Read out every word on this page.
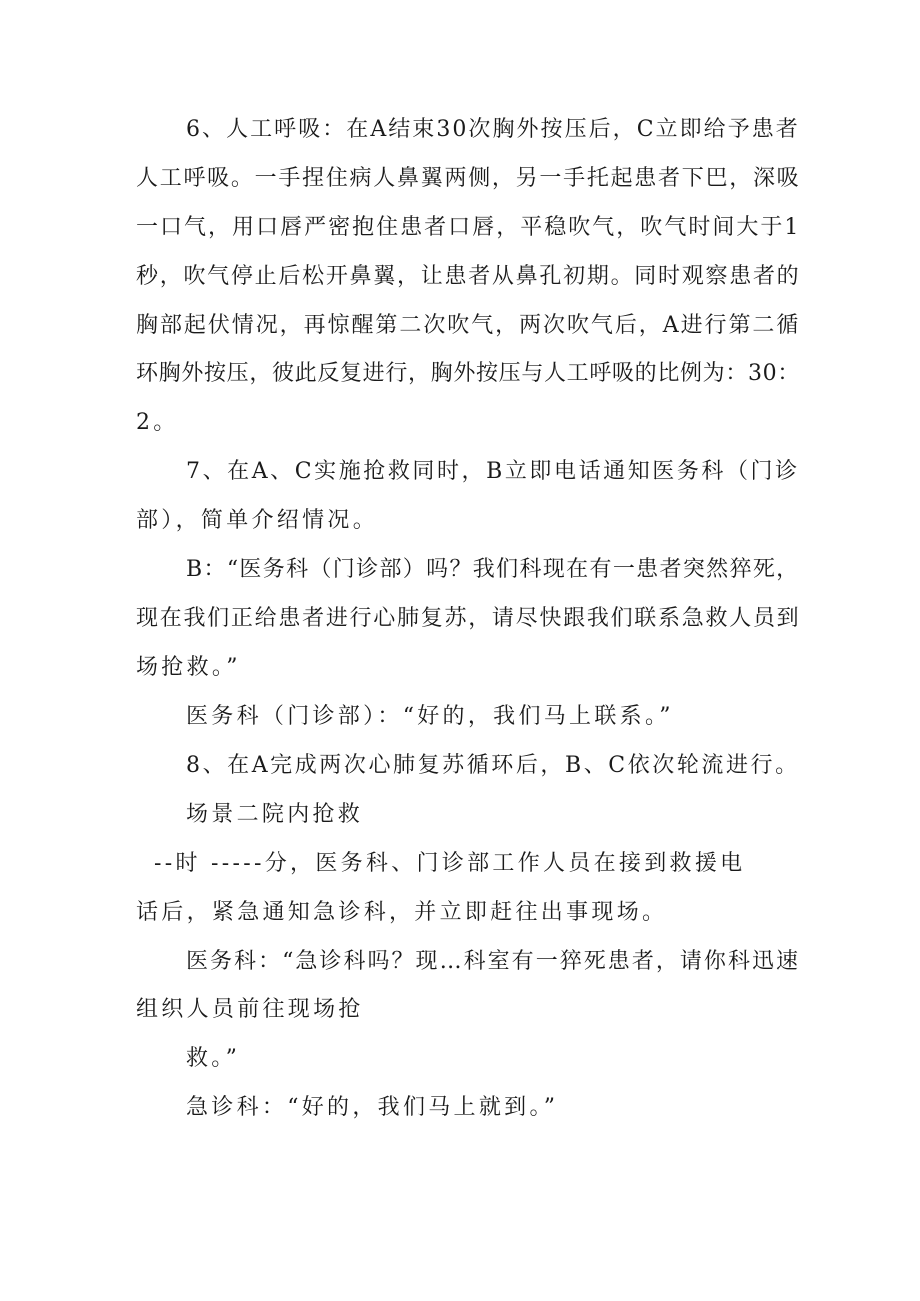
6、人工呼吸：在A结束30次胸外按压后，C立即给予患者
人工呼吸。一手捏住病人鼻翼两侧，另一手托起患者下巴，深吸
一口气，用口唇严密抱住患者口唇，平稳吹气，吹气时间大于1
秒，吹气停止后松开鼻翼，让患者从鼻孔初期。同时观察患者的
胸部起伏情况，再惊醒第二次吹气，两次吹气后，A进行第二循
环胸外按压，彼此反复进行，胸外按压与人工呼吸的比例为：30：
2。
7、在A、C实施抢救同时，B立即电话通知医务科（门诊
部），简单介绍情况。
B：“医务科（门诊部）吗？我们科现在有一患者突然猝死，
现在我们正给患者进行心肺复苏，请尽快跟我们联系急救人员到
场抢救。”
医务科（门诊部）：“好的，我们马上联系。”
8、在A完成两次心肺复苏循环后，B、C依次轮流进行。
场景二院内抢救
--时 -----分，医务科、门诊部工作人员在接到救援电
话后，紧急通知急诊科，并立即赶往出事现场。
医务科：“急诊科吗？现…科室有一猝死患者，请你科迅速
组织人员前往现场抢
救。”
急诊科：“好的，我们马上就到。”
